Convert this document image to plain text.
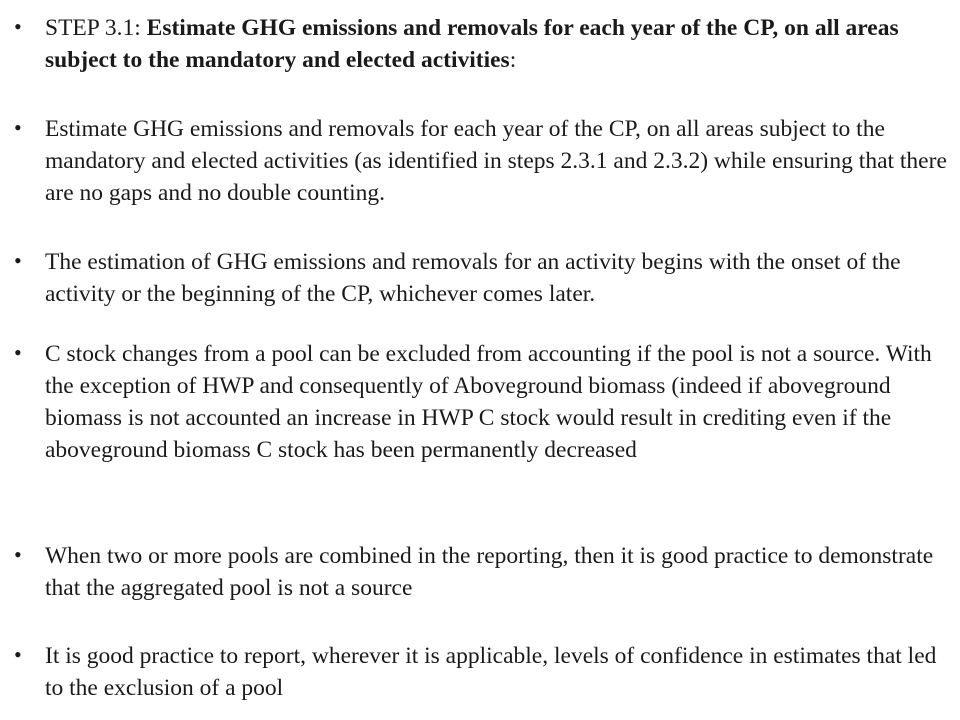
• STEP 3.1: Estimate GHG emissions and removals for each year of the CP, on all areas subject to the mandatory and elected activities:
• Estimate GHG emissions and removals for each year of the CP, on all areas subject to the mandatory and elected activities (as identified in steps 2.3.1 and 2.3.2) while ensuring that there are no gaps and no double counting.
• The estimation of GHG emissions and removals for an activity begins with the onset of the activity or the beginning of the CP, whichever comes later.
• C stock changes from a pool can be excluded from accounting if the pool is not a source. With the exception of HWP and consequently of Aboveground biomass (indeed if aboveground biomass is not accounted an increase in HWP C stock would result in crediting even if the aboveground biomass C stock has been permanently decreased
• When two or more pools are combined in the reporting, then it is good practice to demonstrate that the aggregated pool is not a source
• It is good practice to report, wherever it is applicable, levels of confidence in estimates that led to the exclusion of a pool
